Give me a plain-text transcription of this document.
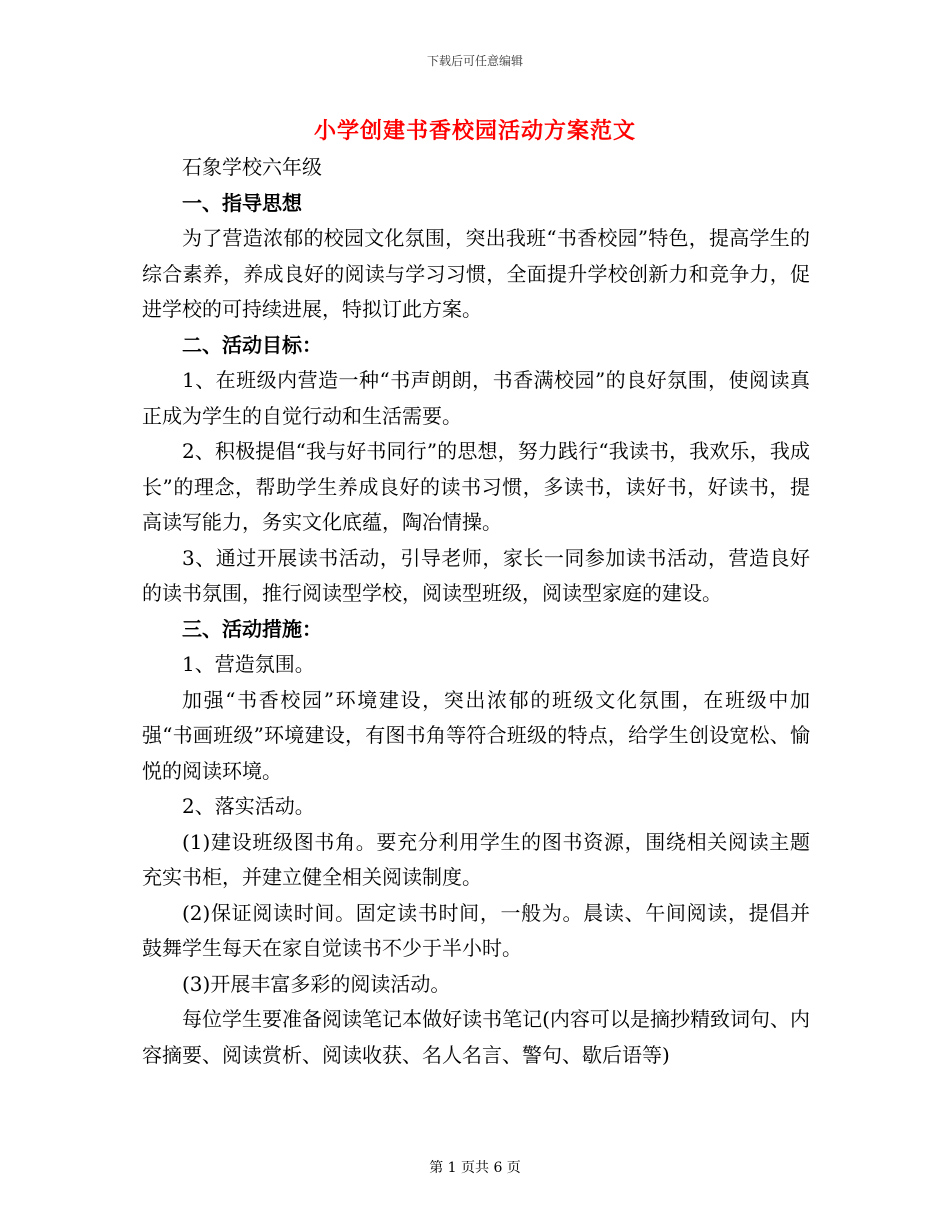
下载后可任意编辑
小学创建书香校园活动方案范文

石象学校六年级

一、指导思想

为了营造浓郁的校园文化氛围，突出我班“书香校园”特色，提高学生的综合素养，养成良好的阅读与学习习惯，全面提升学校创新力和竞争力，促进学校的可持续进展，特拟订此方案。

二、活动目标：

1、在班级内营造一种“书声朗朗，书香满校园”的良好氛围，使阅读真正成为学生的自觉行动和生活需要。

2、积极提倡“我与好书同行”的思想，努力践行“我读书，我欢乐，我成长”的理念，帮助学生养成良好的读书习惯，多读书，读好书，好读书，提高读写能力，务实文化底蕴，陶冶情操。

3、通过开展读书活动，引导老师，家长一同参加读书活动，营造良好的读书氛围，推行阅读型学校，阅读型班级，阅读型家庭的建设。

三、活动措施：

1、营造氛围。

加强“书香校园”环境建设，突出浓郁的班级文化氛围，在班级中加强“书画班级”环境建设，有图书角等符合班级的特点，给学生创设宽松、愉悦的阅读环境。

2、落实活动。

(1)建设班级图书角。要充分利用学生的图书资源，围绕相关阅读主题充实书柜，并建立健全相关阅读制度。

(2)保证阅读时间。固定读书时间，一般为。晨读、午间阅读，提倡并鼓舞学生每天在家自觉读书不少于半小时。

(3)开展丰富多彩的阅读活动。

每位学生要准备阅读笔记本做好读书笔记(内容可以是摘抄精致词句、内容摘要、阅读赏析、阅读收获、名人名言、警句、歇后语等)

第 1 页共 6 页
